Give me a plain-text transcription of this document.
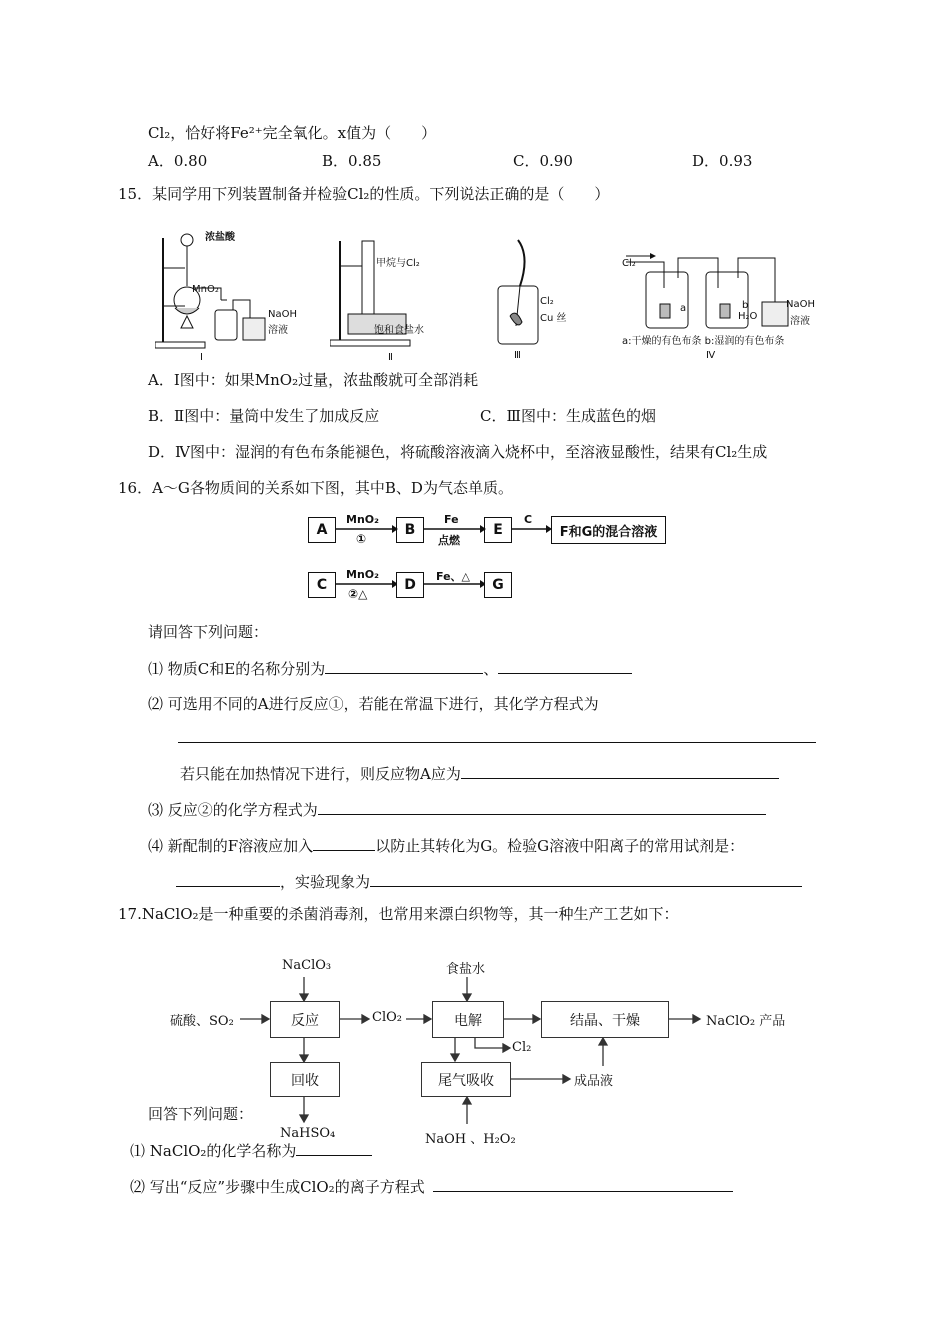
Cl₂，恰好将Fe²⁺完全氧化。x值为（　　）
A．0.80	B．0.85	C．0.90	D．0.93
15．某同学用下列装置制备并检验Cl₂的性质。下列说法正确的是（　　）
浓盐酸
MnO₂
NaOH
溶液
Ⅰ
甲烷与Cl₂
饱和食盐水
Ⅱ
Cl₂
Cu 丝
Ⅲ
Cl₂
a	b
H₂O
NaOH
溶液
a:干燥的有色布条 b:湿润的有色布条
Ⅳ
A．Ⅰ图中：如果MnO₂过量，浓盐酸就可全部消耗
B．Ⅱ图中：量筒中发生了加成反应	C．Ⅲ图中：生成蓝色的烟
D．Ⅳ图中：湿润的有色布条能褪色，将硫酸溶液滴入烧杯中，至溶液显酸性，结果有Cl₂生成
16．A～G各物质间的关系如下图，其中B、D为气态单质。
A	B	E	F和G的混合溶液
MnO₂
①
Fe
点燃
C
C	D	G
MnO₂
②△
Fe、△
请回答下列问题：
⑴ 物质C和E的名称分别为	、
⑵ 可选用不同的A进行反应①，若能在常温下进行，其化学方程式为
若只能在加热情况下进行，则反应物A应为
⑶ 反应②的化学方程式为
⑷ 新配制的F溶液应加入	以防止其转化为G。检验G溶液中阳离子的常用试剂是：
，实验现象为
17.NaClO₂是一种重要的杀菌消毒剂，也常用来漂白织物等，其一种生产工艺如下：
NaClO₃
硫酸、SO₂	反应	ClO₂
食盐水
电解
Cl₂
结晶、干燥	NaClO₂ 产品
回收	尾气吸收	成品液
NaOH 、H₂O₂
回答下列问题：
NaHSO₄
⑴ NaClO₂的化学名称为
⑵ 写出“反应”步骤中生成ClO₂的离子方程式
